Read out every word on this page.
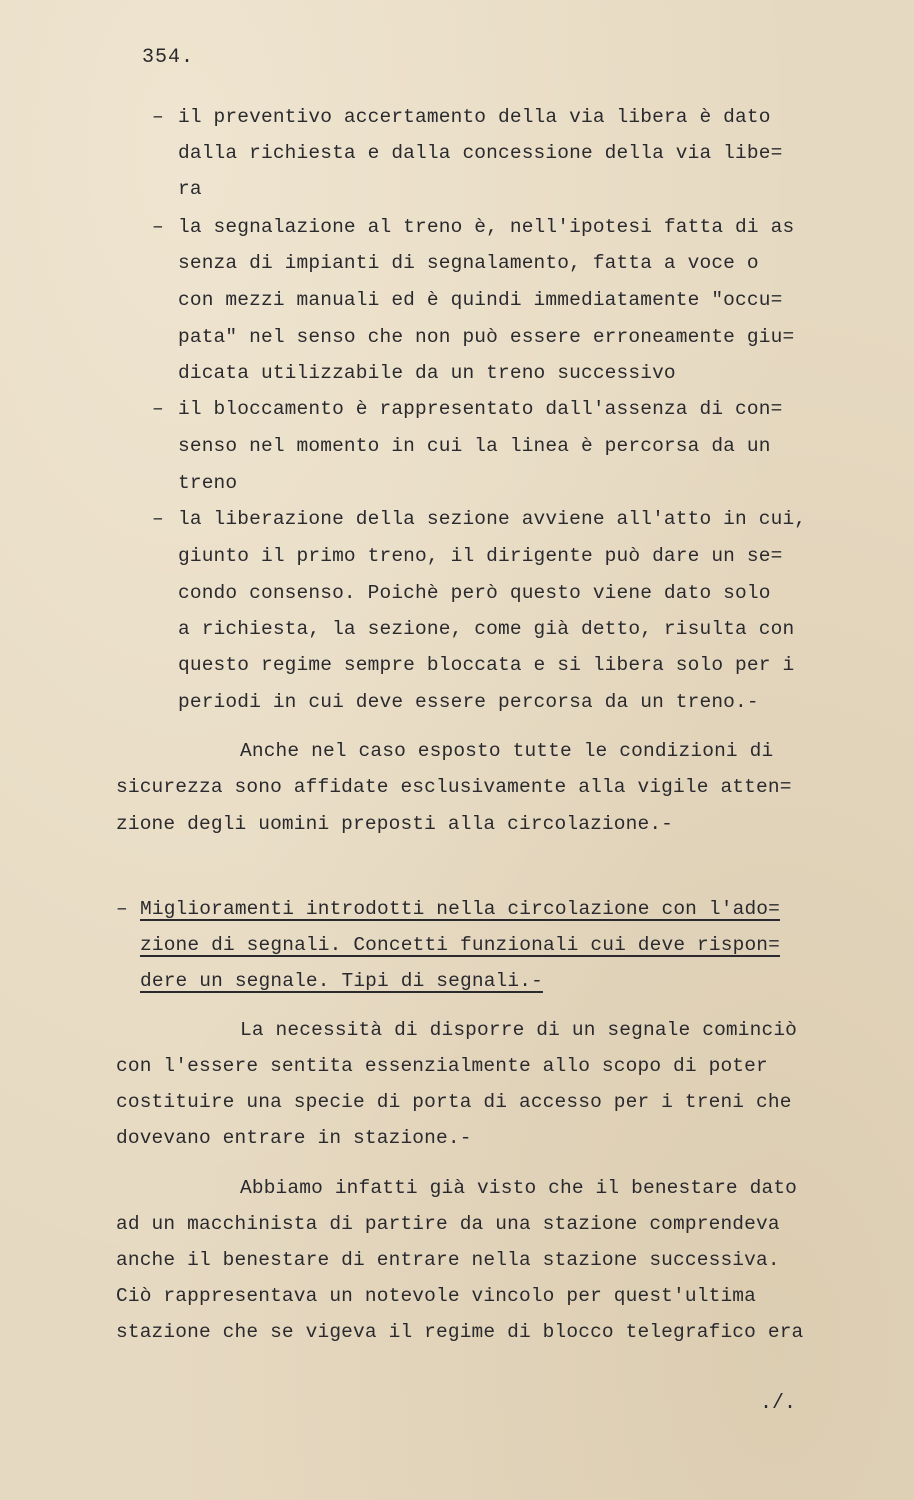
354.
– il preventivo accertamento della via libera è dato
dalla richiesta e dalla concessione della via libe=
ra
– la segnalazione al treno è, nell'ipotesi fatta di as
senza di impianti di segnalamento, fatta a voce o
con mezzi manuali ed è quindi immediatamente "occu=
pata" nel senso che non può essere erroneamente giu=
dicata utilizzabile da un treno successivo
– il bloccamento è rappresentato dall'assenza di con=
senso nel momento in cui la linea è percorsa da un
treno
– la liberazione della sezione avviene all'atto in cui,
giunto il primo treno, il dirigente può dare un se=
condo consenso. Poichè però questo viene dato solo
a richiesta, la sezione, come già detto, risulta con
questo regime sempre bloccata e si libera solo per i
periodi in cui deve essere percorsa da un treno.-
Anche nel caso esposto tutte le condizioni di
sicurezza sono affidate esclusivamente alla vigile atten=
zione degli uomini preposti alla circolazione.-
– Miglioramenti introdotti nella circolazione con l'ado=
zione di segnali. Concetti funzionali cui deve rispon=
dere un segnale. Tipi di segnali.-
La necessità di disporre di un segnale cominciò
con l'essere sentita essenzialmente allo scopo di poter
costituire una specie di porta di accesso per i treni che
dovevano entrare in stazione.-
Abbiamo infatti già visto che il benestare dato
ad un macchinista di partire da una stazione comprendeva
anche il benestare di entrare nella stazione successiva.
Ciò rappresentava un notevole vincolo per quest'ultima
stazione che se vigeva il regime di blocco telegrafico era
./.
